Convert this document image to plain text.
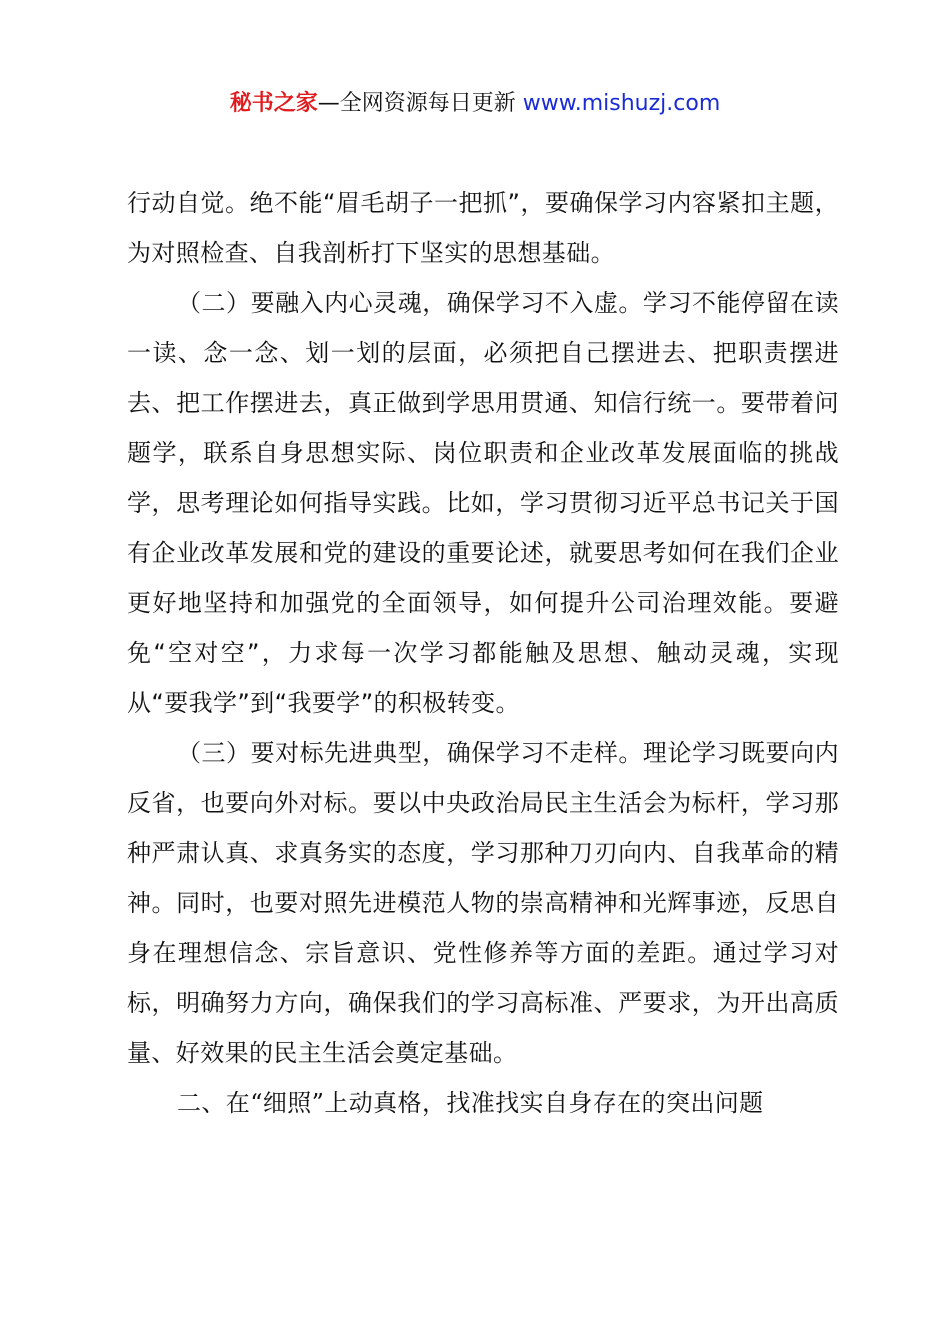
秘书之家—全网资源每日更新 www.mishuzj.com

行动自觉。绝不能“眉毛胡子一把抓”，要确保学习内容紧扣主题，为对照检查、自我剖析打下坚实的思想基础。

（二）要融入内心灵魂，确保学习不入虚。学习不能停留在读一读、念一念、划一划的层面，必须把自己摆进去、把职责摆进去、把工作摆进去，真正做到学思用贯通、知信行统一。要带着问题学，联系自身思想实际、岗位职责和企业改革发展面临的挑战学，思考理论如何指导实践。比如，学习贯彻习近平总书记关于国有企业改革发展和党的建设的重要论述，就要思考如何在我们企业更好地坚持和加强党的全面领导，如何提升公司治理效能。要避免“空对空”，力求每一次学习都能触及思想、触动灵魂，实现从“要我学”到“我要学”的积极转变。

（三）要对标先进典型，确保学习不走样。理论学习既要向内反省，也要向外对标。要以中央政治局民主生活会为标杆，学习那种严肃认真、求真务实的态度，学习那种刀刃向内、自我革命的精神。同时，也要对照先进模范人物的崇高精神和光辉事迹，反思自身在理想信念、宗旨意识、党性修养等方面的差距。通过学习对标，明确努力方向，确保我们的学习高标准、严要求，为开出高质量、好效果的民主生活会奠定基础。

二、在“细照”上动真格，找准找实自身存在的突出问题
